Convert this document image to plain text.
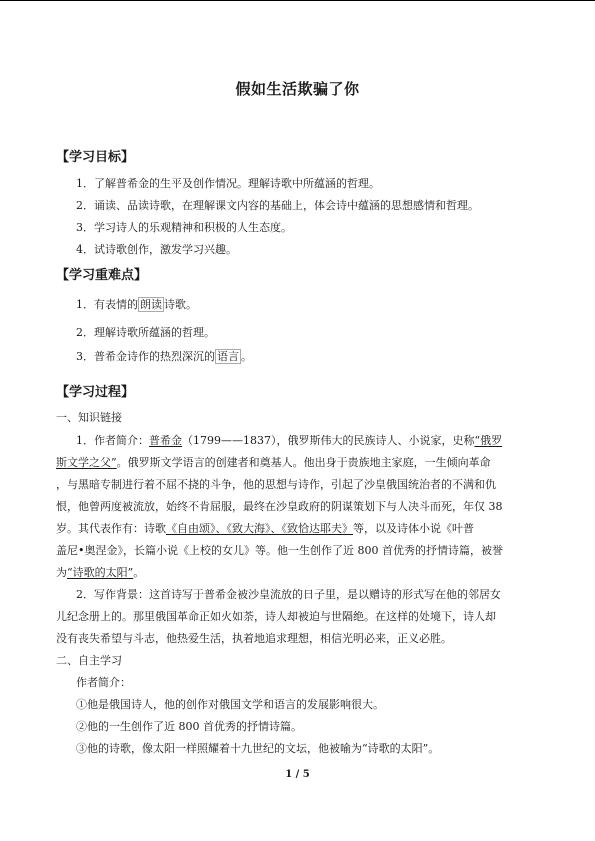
假如生活欺骗了你
【学习目标】
1．了解普希金的生平及创作情况。理解诗歌中所蕴涵的哲理。
2．诵读、品读诗歌，在理解课文内容的基础上，体会诗中蕴涵的思想感情和哲理。
3．学习诗人的乐观精神和积极的人生态度。
4．试诗歌创作，激发学习兴趣。
【学习重难点】
1．有表情的 朗读 诗歌。
2．理解诗歌所蕴涵的哲理。
3．普希金诗作的热烈深沉的 语言 。
【学习过程】
一、知识链接
1．作者简介：普希金（1799——1837），俄罗斯伟大的民族诗人、小说家，史称“俄罗
斯文学之父”。俄罗斯文学语言的创建者和奠基人。他出身于贵族地主家庭，一生倾向革命
，与黑暗专制进行着不屈不挠的斗争，他的思想与诗作，引起了沙皇俄国统治者的不满和仇
恨，他曾两度被流放，始终不肯屈服，最终在沙皇政府的阴谋策划下与人决斗而死，年仅 38
岁。其代表作有：诗歌《自由颂》、《致大海》、《致恰达耶夫》等，以及诗体小说《叶普
盖尼•奥涅金》，长篇小说《上校的女儿》等。他一生创作了近 800 首优秀的抒情诗篇，被誉
为“诗歌的太阳”。
2．写作背景：这首诗写于普希金被沙皇流放的日子里，是以赠诗的形式写在他的邻居女
儿纪念册上的。那里俄国革命正如火如荼，诗人却被迫与世隔绝。在这样的处境下，诗人却
没有丧失希望与斗志，他热爱生活，执着地追求理想，相信光明必来，正义必胜。
二、自主学习
作者简介：
①他是俄国诗人，他的创作对俄国文学和语言的发展影响很大。
②他的一生创作了近 800 首优秀的抒情诗篇。
③他的诗歌，像太阳一样照耀着十九世纪的文坛，他被喻为“诗歌的太阳”。
1 / 5
